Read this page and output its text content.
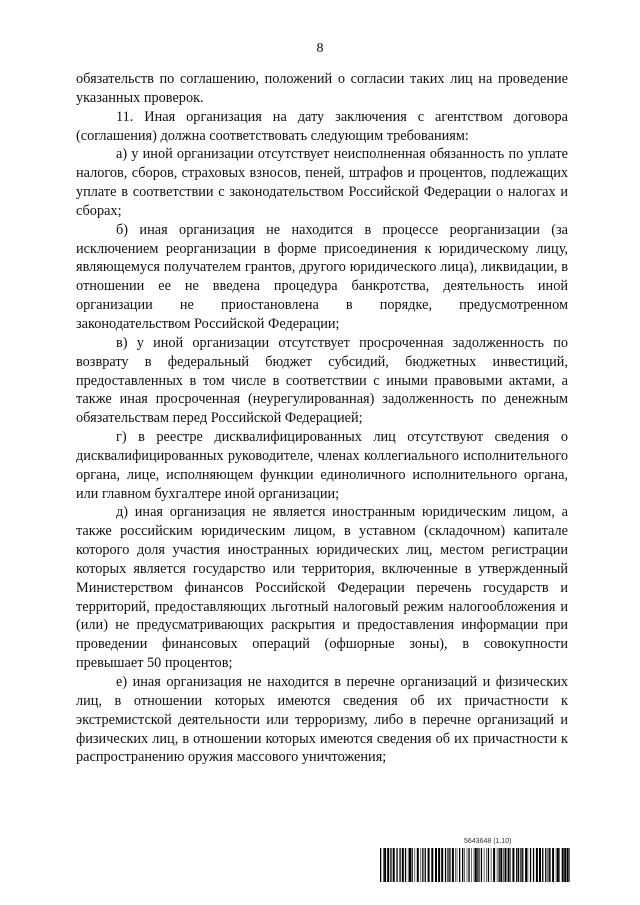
8

обязательств по соглашению, положений о согласии таких лиц на проведение указанных проверок.

11. Иная организация на дату заключения с агентством договора (соглашения) должна соответствовать следующим требованиям:

а) у иной организации отсутствует неисполненная обязанность по уплате налогов, сборов, страховых взносов, пеней, штрафов и процентов, подлежащих уплате в соответствии с законодательством Российской Федерации о налогах и сборах;

б) иная организация не находится в процессе реорганизации (за исключением реорганизации в форме присоединения к юридическому лицу, являющемуся получателем грантов, другого юридического лица), ликвидации, в отношении ее не введена процедура банкротства, деятельность иной организации не приостановлена в порядке, предусмотренном законодательством Российской Федерации;

в) у иной организации отсутствует просроченная задолженность по возврату в федеральный бюджет субсидий, бюджетных инвестиций, предоставленных в том числе в соответствии с иными правовыми актами, а также иная просроченная (неурегулированная) задолженность по денежным обязательствам перед Российской Федерацией;

г) в реестре дисквалифицированных лиц отсутствуют сведения о дисквалифицированных руководителе, членах коллегиального исполнительного органа, лице, исполняющем функции единоличного исполнительного органа, или главном бухгалтере иной организации;

д) иная организация не является иностранным юридическим лицом, а также российским юридическим лицом, в уставном (складочном) капитале которого доля участия иностранных юридических лиц, местом регистрации которых является государство или территория, включенные в утвержденный Министерством финансов Российской Федерации перечень государств и территорий, предоставляющих льготный налоговый режим налогообложения и (или) не предусматривающих раскрытия и предоставления информации при проведении финансовых операций (офшорные зоны), в совокупности превышает 50 процентов;

е) иная организация не находится в перечне организаций и физических лиц, в отношении которых имеются сведения об их причастности к экстремистской деятельности или терроризму, либо в перечне организаций и физических лиц, в отношении которых имеются сведения об их причастности к распространению оружия массового уничтожения;

5643648 (1.10)
